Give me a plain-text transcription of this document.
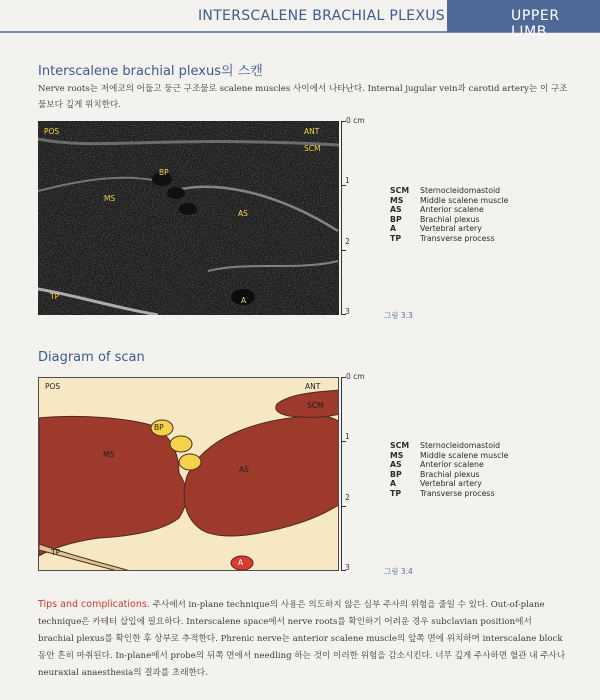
INTERSCALENE BRACHIAL PLEXUS	UPPER LIMB
Interscalene brachial plexus의 스캔
Nerve roots는 저에코의 어둡고 둥근 구조물로 scalene muscles 사이에서 나타난다. Internal jugular vein과 carotid artery는 이 구조물보다 깊게 위치한다.
POS	ANT
SCM
BP
MS
AS
TP	A
0 cm
1
2
3
SCM	Sternocleidomastoid
MS	Middle scalene muscle
AS	Anterior scalene
BP	Brachial plexus
A	Vertebral artery
TP	Transverse process
그림 3.3
Diagram of scan
POS	ANT
SCM
BP
MS
AS
TP
A
0 cm
1
2
3
SCM	Sternocleidomastoid
MS	Middle scalene muscle
AS	Anterior scalene
BP	Brachial plexus
A	Vertebral artery
TP	Transverse process
그림 3.4
Tips and complications. 주사에서 in-plane technique의 사용은 의도하지 않은 심부 주사의 위험을 줄일 수 있다. Out-of-plane technique은 카테터 삽입에 필요하다. Interscalene space에서 nerve roots를 확인하기 어려운 경우 subclavian position에서 brachial plexus를 확인한 후 상부로 추적한다. Phrenic nerve는 anterior scalene muscle의 앞쪽 면에 위치하며 interscalane block 동안 흔히 마취된다. In-plane에서 probe의 뒤쪽 면에서 needling 하는 것이 이러한 위험을 감소시킨다. 너무 깊게 주사하면 혈관 내 주사나 neuraxial anaesthesia의 결과를 초래한다.
